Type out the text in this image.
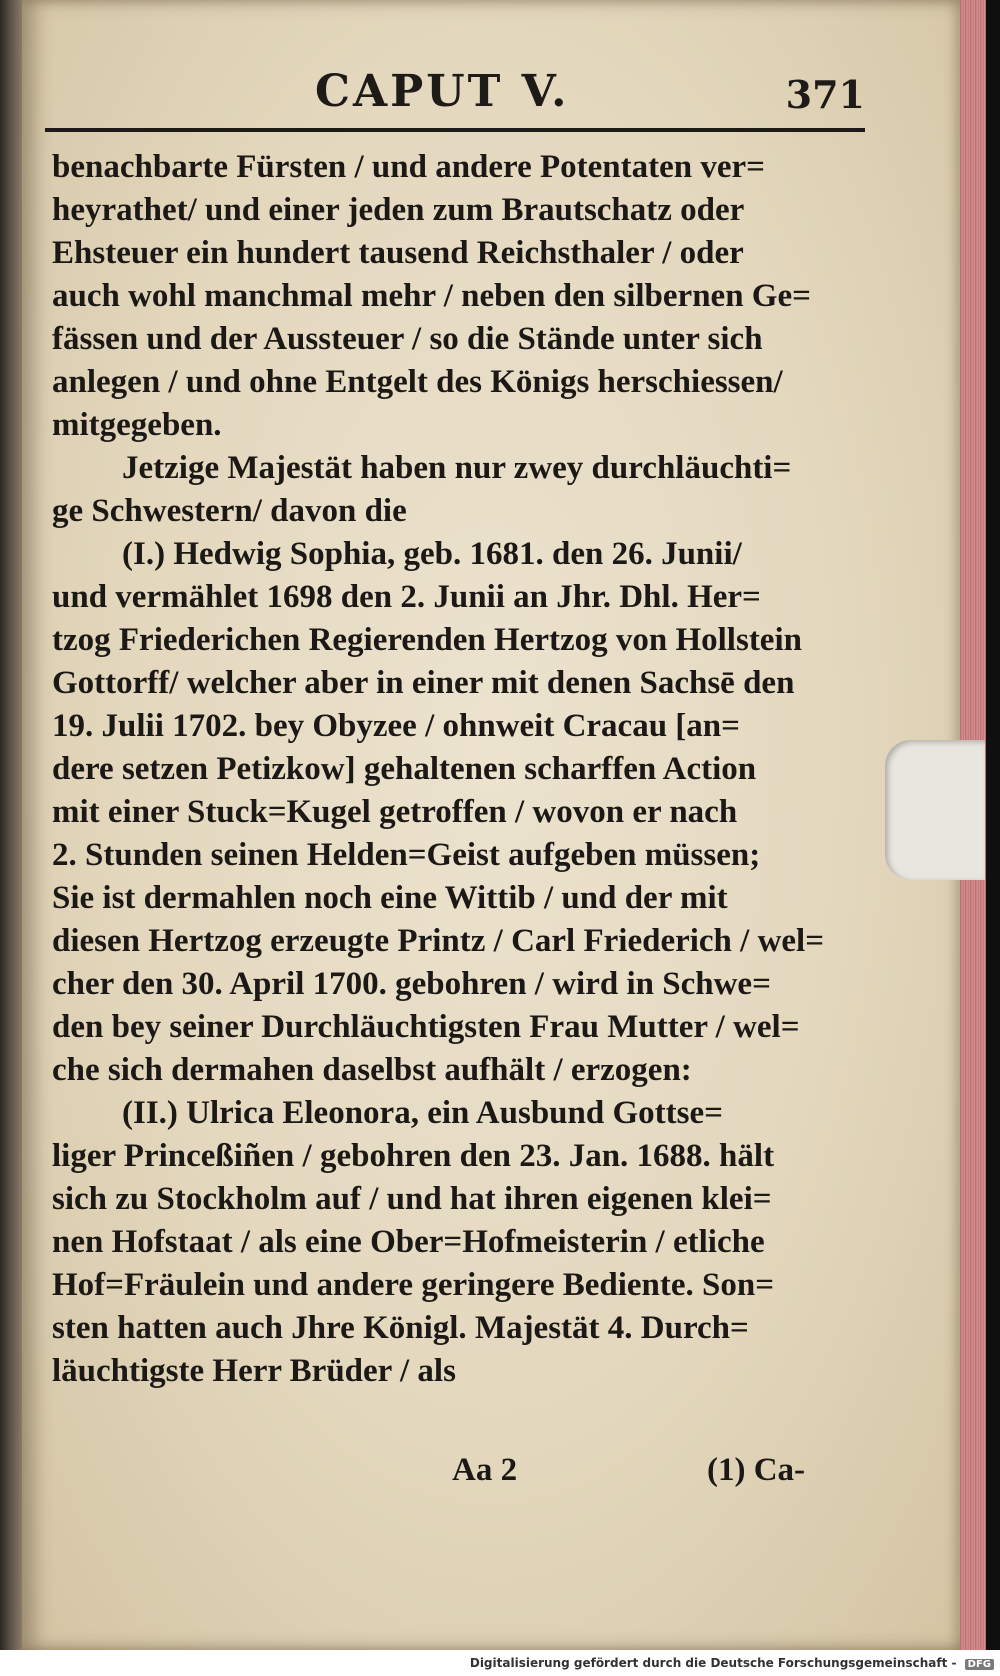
CAPUT V.	371
benachbarte Fürsten / und andere Potentaten ver=
heyrathet/ und einer jeden zum Brautschatz oder
Ehsteuer ein hundert tausend Reichsthaler / oder
auch wohl manchmal mehr / neben den silbernen Ge=
fässen und der Aussteuer / so die Stände unter sich
anlegen / und ohne Entgelt des Königs herschiessen/
mitgegeben.
Jetzige Majestät haben nur zwey durchläuchti=
ge Schwestern/ davon die
(I.) Hedwig Sophia, geb. 1681. den 26. Junii/
und vermählet 1698 den 2. Junii an Jhr. Dhl. Her=
tzog Friederichen Regierenden Hertzog von Hollstein
Gottorff/ welcher aber in einer mit denen Sachsē den
19. Julii 1702. bey Obyzee / ohnweit Cracau [an=
dere setzen Petizkow] gehaltenen scharffen Action
mit einer Stuck=Kugel getroffen / wovon er nach
2. Stunden seinen Helden=Geist aufgeben müssen;
Sie ist dermahlen noch eine Wittib / und der mit
diesen Hertzog erzeugte Printz / Carl Friederich / wel=
cher den 30. April 1700. gebohren / wird in Schwe=
den bey seiner Durchläuchtigsten Frau Mutter / wel=
che sich dermahen daselbst aufhält / erzogen:
(II.) Ulrica Eleonora, ein Ausbund Gottse=
liger Princeßiñen / gebohren den 23. Jan. 1688. hält
sich zu Stockholm auf / und hat ihren eigenen klei=
nen Hofstaat / als eine Ober=Hofmeisterin / etliche
Hof=Fräulein und andere geringere Bediente. Son=
sten hatten auch Jhre Königl. Majestät 4. Durch=
läuchtigste Herr Brüder / als
Aa 2	(1) Ca-
Digitalisierung gefördert durch die Deutsche Forschungsgemeinschaft - DFG
